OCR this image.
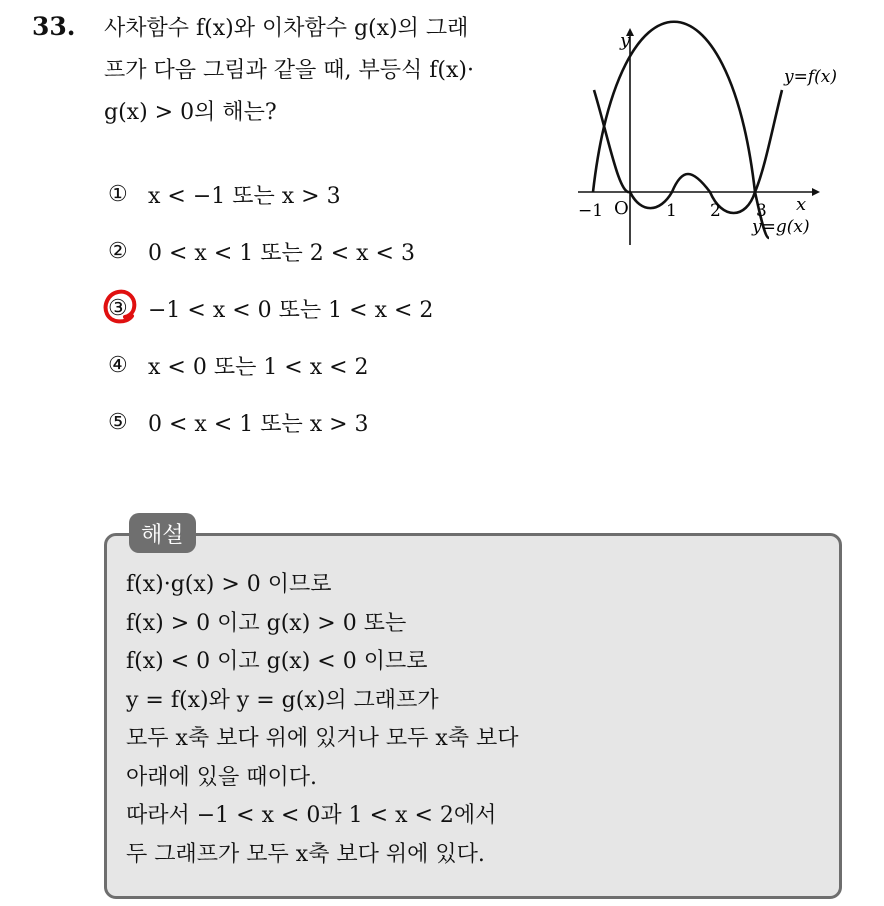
33. 사차함수 f(x)와 이차함수 g(x)의 그래
프가 다음 그림과 같을 때, 부등식 f(x)·
g(x) > 0의 해는?
① x < −1 또는 x > 3
② 0 < x < 1 또는 2 < x < 3
③ −1 < x < 0 또는 1 < x < 2
④ x < 0 또는 1 < x < 2
⑤ 0 < x < 1 또는 x > 3
y
x
y=f(x)
y=g(x)
O
−1	1 2 3
해설
f(x)·g(x) > 0 이므로
f(x) > 0 이고 g(x) > 0 또는
f(x) < 0 이고 g(x) < 0 이므로
y = f(x)와 y = g(x)의 그래프가
모두 x축 보다 위에 있거나 모두 x축 보다
아래에 있을 때이다.
따라서 −1 < x < 0과 1 < x < 2에서
두 그래프가 모두 x축 보다 위에 있다.
